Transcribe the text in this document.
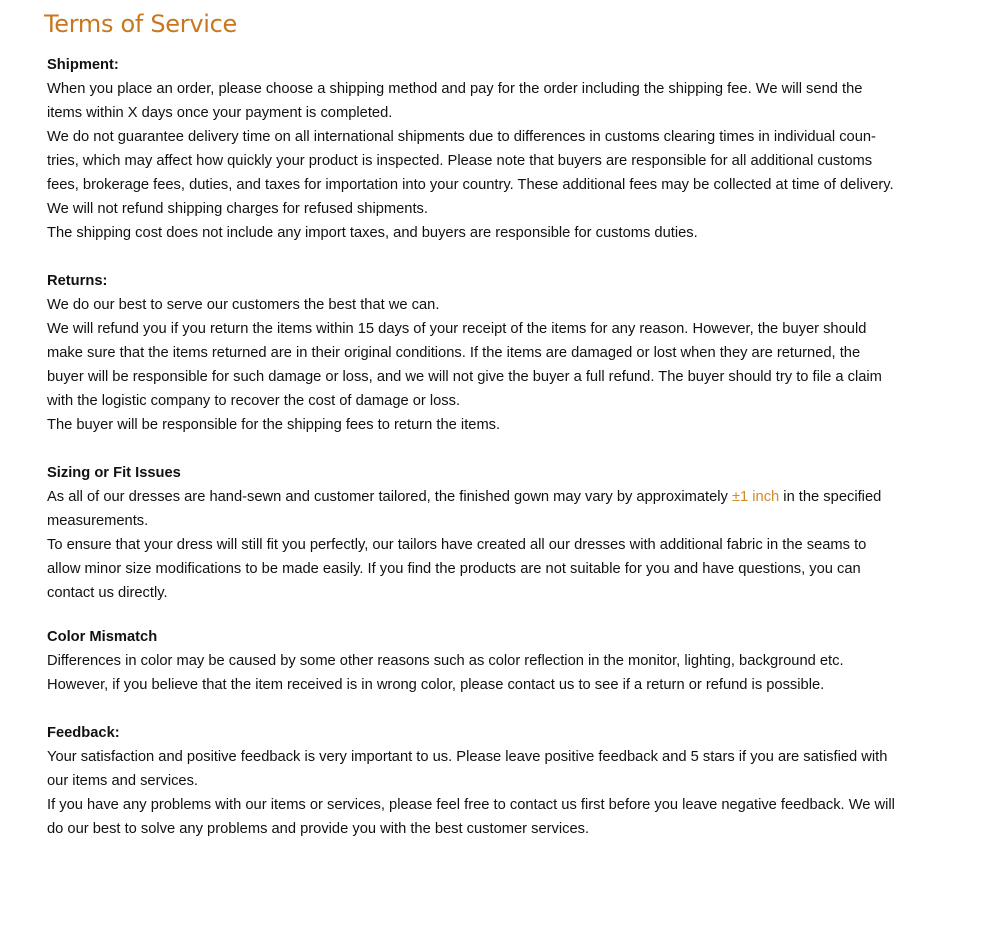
Terms of Service
Shipment:
When you place an order, please choose a shipping method and pay for the order including the shipping fee. We will send the
items within X days once your payment is completed.
We do not guarantee delivery time on all international shipments due to differences in customs clearing times in individual coun-
tries, which may affect how quickly your product is inspected. Please note that buyers are responsible for all additional customs
fees, brokerage fees, duties, and taxes for importation into your country. These additional fees may be collected at time of delivery.
We will not refund shipping charges for refused shipments.
The shipping cost does not include any import taxes, and buyers are responsible for customs duties.
Returns:
We do our best to serve our customers the best that we can.
We will refund you if you return the items within 15 days of your receipt of the items for any reason. However, the buyer should
make sure that the items returned are in their original conditions. If the items are damaged or lost when they are returned, the
buyer will be responsible for such damage or loss, and we will not give the buyer a full refund. The buyer should try to file a claim
with the logistic company to recover the cost of damage or loss.
The buyer will be responsible for the shipping fees to return the items.
Sizing or Fit Issues
As all of our dresses are hand-sewn and customer tailored, the finished gown may vary by approximately ±1 inch in the specified
measurements.
To ensure that your dress will still fit you perfectly, our tailors have created all our dresses with additional fabric in the seams to
allow minor size modifications to be made easily. If you find the products are not suitable for you and have questions, you can
contact us directly.
Color Mismatch
Differences in color may be caused by some other reasons such as color reflection in the monitor, lighting, background etc.
However, if you believe that the item received is in wrong color, please contact us to see if a return or refund is possible.
Feedback:
Your satisfaction and positive feedback is very important to us. Please leave positive feedback and 5 stars if you are satisfied with
our items and services.
If you have any problems with our items or services, please feel free to contact us first before you leave negative feedback. We will
do our best to solve any problems and provide you with the best customer services.
